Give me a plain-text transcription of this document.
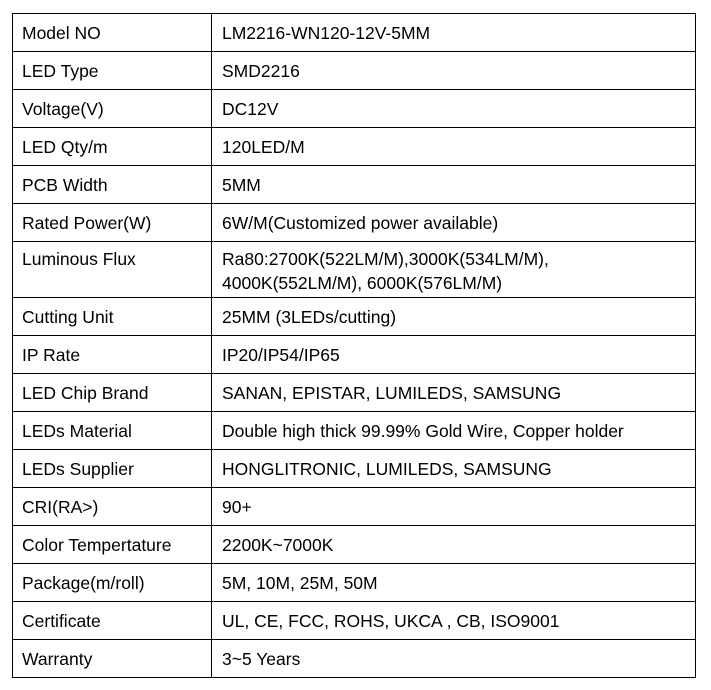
Model NO	LM2216-WN120-12V-5MM
LED Type	SMD2216
Voltage(V)	DC12V
LED Qty/m	120LED/M
PCB Width	5MM
Rated Power(W)	6W/M(Customized power available)
Luminous Flux	Ra80:2700K(522LM/M),3000K(534LM/M),
4000K(552LM/M), 6000K(576LM/M)

Cutting Unit	25MM (3LEDs/cutting)
IP Rate	IP20/IP54/IP65
LED Chip Brand	SANAN, EPISTAR, LUMILEDS, SAMSUNG
LEDs Material	Double high thick 99.99% Gold Wire, Copper holder
LEDs Supplier	HONGLITRONIC, LUMILEDS, SAMSUNG
CRI(RA>)	90+
Color Tempertature	2200K~7000K
Package(m/roll)	5M, 10M, 25M, 50M
Certificate	UL, CE, FCC, ROHS, UKCA , CB, ISO9001
Warranty	3~5 Years
